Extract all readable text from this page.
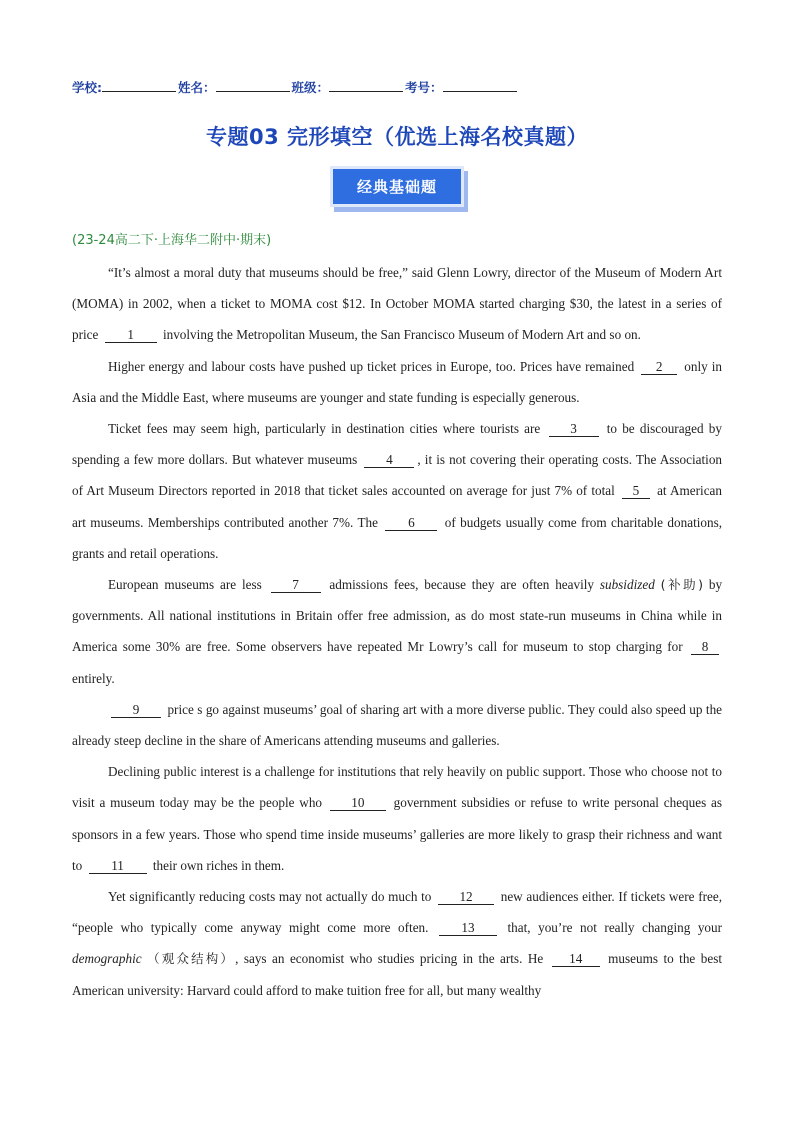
学校:	姓名：	班级：	考号：
专题03 完形填空（优选上海名校真题）
经典基础题
(23-24高二下·上海华二附中·期末)

“It’s almost a moral duty that museums should be free,” said Glenn Lowry, director of the Museum of Modern Art (MOMA) in 2002, when a ticket to MOMA cost $12. In October MOMA started charging $30, the latest in a series of price 1 involving the Metropolitan Museum, the San Francisco Museum of Modern Art and so on.

Higher energy and labour costs have pushed up ticket prices in Europe, too. Prices have remained 2 only in Asia and the Middle East, where museums are younger and state funding is especially generous.

Ticket fees may seem high, particularly in destination cities where tourists are 3 to be discouraged by spending a few more dollars. But whatever museums 4 , it is not covering their operating costs. The Association of Art Museum Directors reported in 2018 that ticket sales accounted on average for just 7% of total 5 at American art museums. Memberships contributed another 7%. The 6 of budgets usually come from charitable donations, grants and retail operations.

European museums are less 7 admissions fees, because they are often heavily subsidized (补助) by governments. All national institutions in Britain offer free admission, as do most state-run museums in China while in America some 30% are free. Some observers have repeated Mr Lowry’s call for museum to stop charging for 8 entirely.

9 price s go against museums’ goal of sharing art with a more diverse public. They could also speed up the already steep decline in the share of Americans attending museums and galleries.

Declining public interest is a challenge for institutions that rely heavily on public support. Those who choose not to visit a museum today may be the people who 10 government subsidies or refuse to write personal cheques as sponsors in a few years. Those who spend time inside museums’ galleries are more likely to grasp their richness and want to 11 their own riches in them.

Yet significantly reducing costs may not actually do much to 12 new audiences either. If tickets were free, “people who typically come anyway might come more often. 13 that, you’re not really changing your demographic （观众结构）, says an economist who studies pricing in the arts. He 14 museums to the best American university: Harvard could afford to make tuition free for all, but many wealthy
